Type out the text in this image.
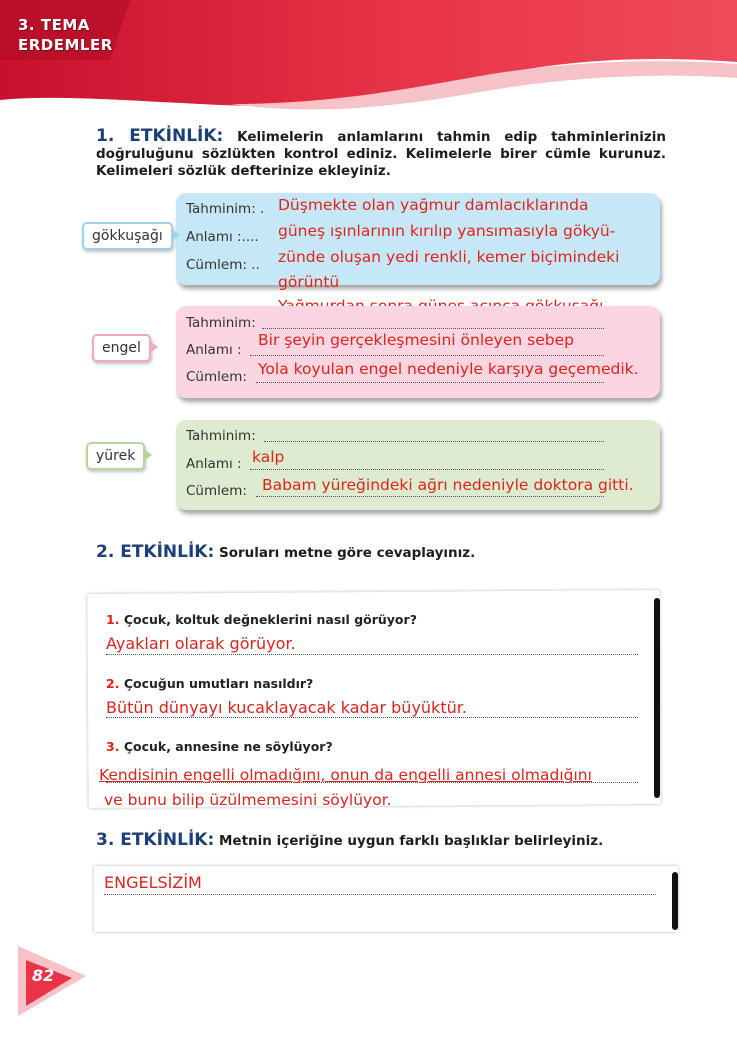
3. TEMA
ERDEMLER
1. ETKİNLİK: Kelimelerin anlamlarını tahmin edip tahminlerinizin doğruluğunu sözlükten kontrol ediniz. Kelimelerle birer cümle kurunuz. Kelimeleri sözlük defterinize ekleyiniz.
gökkuşağı
Tahminim: .
Anlamı :....
Cümlem: ..
Düşmekte olan yağmur damlacıklarında
güneş ışınlarının kırılıp yansımasıyla gökyü-
zünde oluşan yedi renkli, kemer biçimindeki
görüntü
engel
Tahminim:
Anlamı :
Cümlem:
Bir şeyin gerçekleşmesini önleyen sebep
Yola koyulan engel nedeniyle karşıya geçemedik.
yürek
Tahminim:
Anlamı :
Cümlem:
kalp
Babam yüreğindeki ağrı nedeniyle doktora gitti.
2. ETKİNLİK: Soruları metne göre cevaplayınız.
1. Çocuk, koltuk değneklerini nasıl görüyor?
Ayakları olarak görüyor.
2. Çocuğun umutları nasıldır?
Bütün dünyayı kucaklayacak kadar büyüktür.
3. Çocuk, annesine ne söylüyor?
Kendisinin engelli olmadığını, onun da engelli annesi olmadığını
ve bunu bilip üzülmemesini söylüyor.
3. ETKİNLİK: Metnin içeriğine uygun farklı başlıklar belirleyiniz.
ENGELSİZİM
82
